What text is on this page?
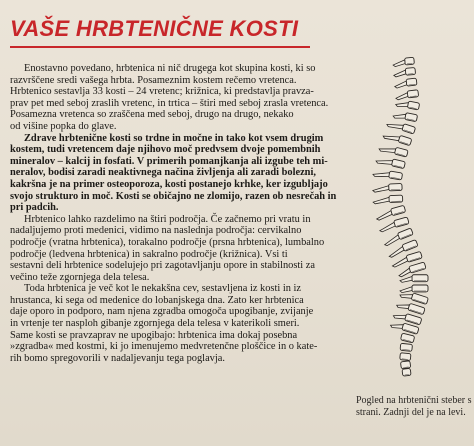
VAŠE HRBTENIČNE KOSTI
Enostavno povedano, hrbtenica ni nič drugega kot skupina kosti, ki so
razvrščene sredi vašega hrbta. Posameznim kostem rečemo vretenca.
Hrbtenico sestavlja 33 kosti – 24 vretenc; križnica, ki predstavlja pravza-
prav pet med seboj zraslih vretenc, in trtica – štiri med seboj zrasla vretenca.
Posamezna vretenca so zraščena med seboj, drugo na drugo, nekako
od višine popka do glave.
Zdrave hrbtenične kosti so trdne in močne in tako kot vsem drugim
kostem, tudi vretencem daje njihovo moč predvsem dvoje pomembnih
mineralov – kalcij in fosfati. V primerih pomanjkanja ali izgube teh mi-
neralov, bodisi zaradi neaktivnega načina življenja ali zaradi bolezni,
kakršna je na primer osteoporoza, kosti postanejo krhke, ker izgubljajo
svojo strukturo in moč. Kosti se običajno ne zlomijo, razen ob nesrečah in
pri padcih.
Hrbtenico lahko razdelimo na štiri področja. Če začnemo pri vratu in
nadaljujemo proti medenici, vidimo na naslednja področja: cervikalno
področje (vratna hrbtenica), torakalno področje (prsna hrbtenica), lumbalno
področje (ledvena hrbtenica) in sakralno področje (križnica). Vsi ti
sestavni deli hrbtenice sodelujejo pri zagotavljanju opore in stabilnosti za
večino teže zgornjega dela telesa.
Toda hrbtenica je več kot le nekakšna cev, sestavljena iz kosti in iz
hrustanca, ki sega od medenice do lobanjskega dna. Zato ker hrbtenica
daje oporo in podporo, nam njena zgradba omogoča upogibanje, zvijanje
in vrtenje ter nasploh gibanje zgornjega dela telesa v katerikoli smeri.
Same kosti se pravzaprav ne upogibajo: hrbtenica ima dokaj posebna
»zgradba« med kostmi, ki jo imenujemo medvretenčne ploščice in o kate-
rih bomo spregovorili v nadaljevanju tega poglavja.
Pogled na hrbtenični steber s
strani. Zadnji del je na levi.
